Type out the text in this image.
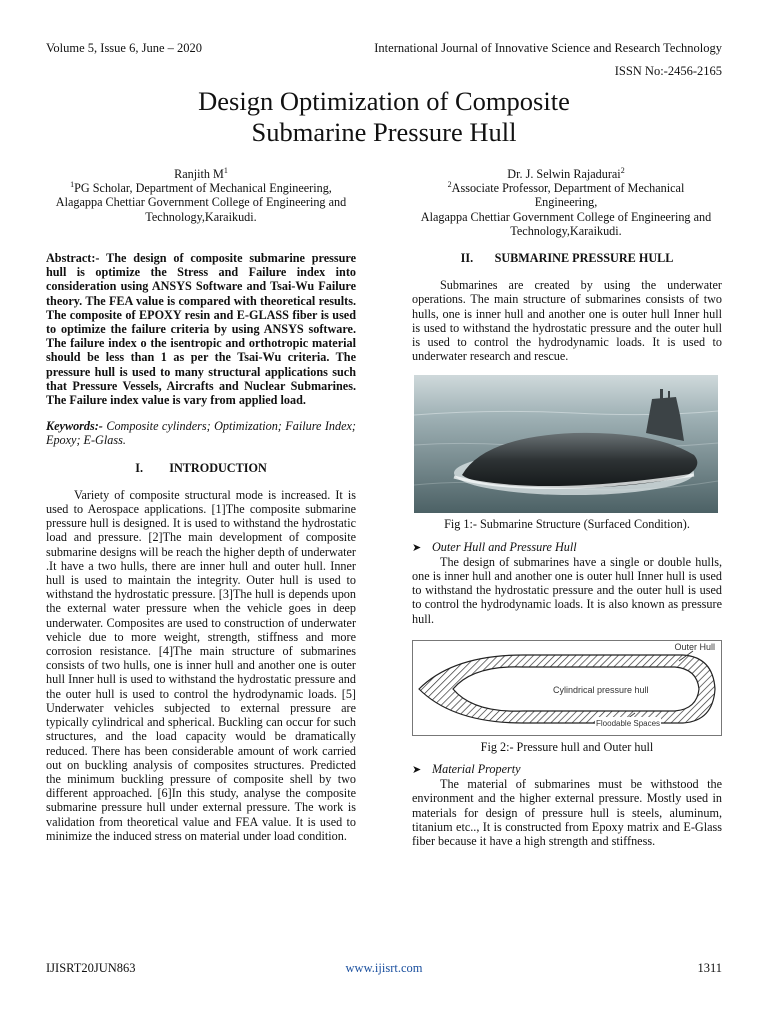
Volume 5, Issue 6, June – 2020	International Journal of Innovative Science and Research Technology
ISSN No:-2456-2165
Design Optimization of Composite
Submarine Pressure Hull
Ranjith $M^1$
$^1$PG Scholar, Department of Mechanical Engineering,
Alagappa Chettiar Government College of Engineering and
Technology,Karaikudi.
Dr. J. Selwin Rajadurai$^2$
$^2$Associate Professor, Department of Mechanical
Engineering,
Alagappa Chettiar Government College of Engineering and
Technology,Karaikudi.

Abstract:- The design of composite submarine pressure hull is optimize the Stress and Failure index into consideration using ANSYS Software and Tsai-Wu Failure theory. The FEA value is compared with theoretical results. The composite of EPOXY resin and E-GLASS fiber is used to optimize the failure criteria by using ANSYS software. The failure index o the isentropic and orthotropic material should be less than 1 as per the Tsai-Wu criteria. The pressure hull is used to many structural applications such that Pressure Vessels, Aircrafts and Nuclear Submarines. The Failure index value is vary from applied load.

Keywords:- Composite cylinders; Optimization; Failure Index; Epoxy; E-Glass.

I. INTRODUCTION

Variety of composite structural mode is increased. It is used to Aerospace applications. [1]The composite submarine pressure hull is designed. It is used to withstand the hydrostatic load and pressure. [2]The main development of composite submarine designs will be reach the higher depth of underwater .It have a two hulls, there are inner hull and outer hull. Inner hull is used to maintain the integrity. Outer hull is used to withstand the hydrostatic pressure. [3]The hull is depends upon the external water pressure when the vehicle goes in deep underwater. Composites are used to construction of underwater vehicle due to more weight, strength, stiffness and more corrosion resistance. [4]The main structure of submarines consists of two hulls, one is inner hull and another one is outer hull Inner hull is used to withstand the hydrostatic pressure and the outer hull is used to control the hydrodynamic loads. [5] Underwater vehicles subjected to external pressure are typically cylindrical and spherical. Buckling can occur for such structures, and the load capacity would be dramatically reduced. There has been considerable amount of work carried out on buckling analysis of composites structures. Predicted the minimum buckling pressure of composite shell by two different approached. [6]In this study, analyse the composite submarine pressure hull under external pressure. The work is validation from theoretical value and FEA value. It is used to minimize the induced stress on material under load condition.

II. SUBMARINE PRESSURE HULL

Submarines are created by using the underwater operations. The main structure of submarines consists of two hulls, one is inner hull and another one is outer hull Inner hull is used to withstand the hydrostatic pressure and the outer hull is used to control the hydrodynamic loads. It is used to underwater research and rescue.

Fig 1:- Submarine Structure (Surfaced Condition).
➤ Outer Hull and Pressure Hull

The design of submarines have a single or double hulls, one is inner hull and another one is outer hull Inner hull is used to withstand the hydrostatic pressure and the outer hull is used to control the hydrodynamic loads. It is also known as pressure hull.

Outer Hull
Cylindrical pressure hull
Floodable Spaces
Fig 2:- Pressure hull and Outer hull
➤ Material Property

The material of submarines must be withstood the environment and the higher external pressure. Mostly used in materials for design of pressure hull is steels, aluminum, titanium etc.., It is constructed from Epoxy matrix and E-Glass fiber because it have a high strength and stiffness.

IJISRT20JUN863	www.ijisrt.com	1311
